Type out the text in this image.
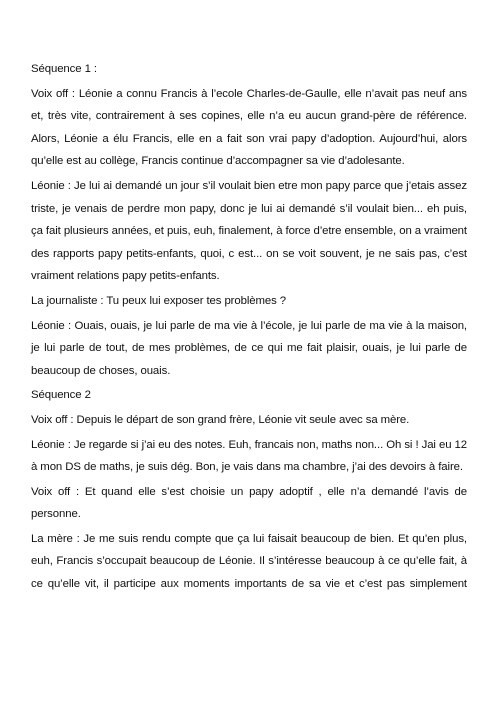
Séquence 1 :

Voix off : Léonie a connu Francis à l’ecole Charles-de-Gaulle, elle n’avait pas neuf ans et, très vite, contrairement à ses copines, elle n’a eu aucun grand-père de référence. Alors, Léonie a élu Francis, elle en a fait son vrai papy d’adoption. Aujourd’hui, alors qu’elle est au collège, Francis continue d’accompagner sa vie d’adolesante.

Léonie : Je lui ai demandé un jour s’il voulait bien etre mon papy parce que j’etais assez triste, je venais de perdre mon papy, donc je lui ai demandé s’il voulait bien... eh puis, ça fait plusieurs années, et puis, euh, finalement, à force d’etre ensemble, on a vraiment des rapports papy petits-enfants, quoi, c est... on se voit souvent, je ne sais pas, c’est vraiment relations papy petits-enfants.

La journaliste : Tu peux lui exposer tes problèmes ?

Léonie : Ouais, ouais, je lui parle de ma vie à l’école, je lui parle de ma vie à la maison, je lui parle de tout, de mes problèmes, de ce qui me fait plaisir, ouais, je lui parle de beaucoup de choses, ouais.

Séquence 2

Voix off : Depuis le départ de son grand frère, Léonie vit seule avec sa mère.

Léonie : Je regarde si j’ai eu des notes. Euh, francais non, maths non... Oh si ! Jai eu 12 à mon DS de maths, je suis dég. Bon, je vais dans ma chambre, j’ai des devoirs à faire.

Voix off : Et quand elle s’est choisie un papy adoptif , elle n’a demandé l’avis de personne.

La mère : Je me suis rendu compte que ça lui faisait beaucoup de bien. Et qu’en plus, euh, Francis s’occupait beaucoup de Léonie. Il s’intéresse beaucoup à ce qu’elle fait, à ce qu’elle vit, il participe aux moments importants de sa vie et c’est pas simplement
